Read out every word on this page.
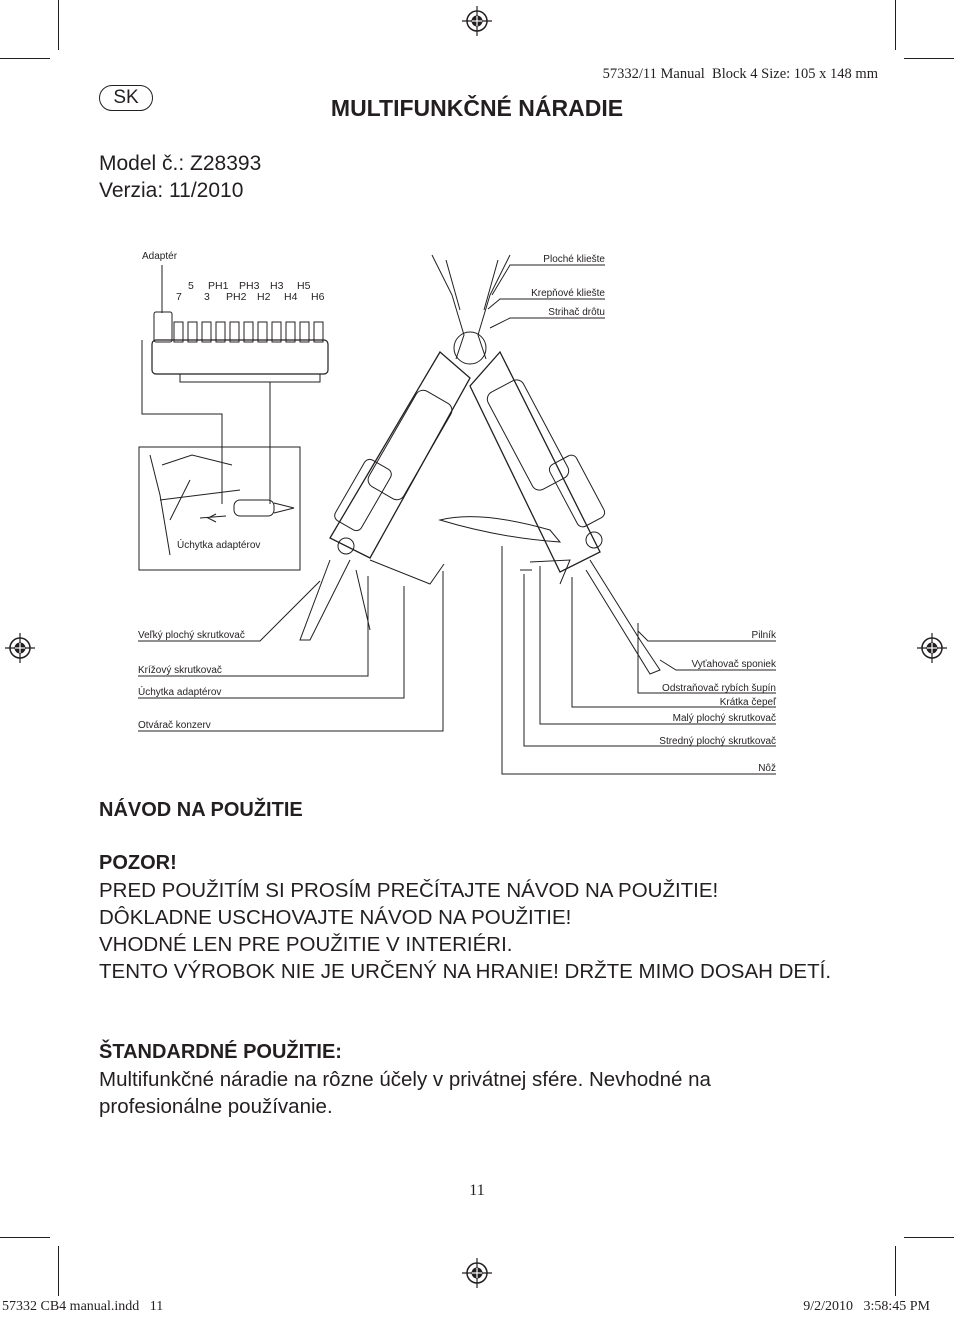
57332/11 Manual  Block 4 Size: 105 x 148 mm
SK	MULTIFUNKČNÉ NÁRADIE
Model č.: Z28393
Verzia: 11/2010
Adaptér
5 PH1 PH3 H3 H5
7 3 PH2 H2 H4 H6
Úchytka adaptérov
Veľký plochý skrutkovač
Krížový skrutkovač
Úchytka adaptérov
Otvárač konzerv
Ploché kliešte
Krepňové kliešte
Strihač drôtu
Pilník
Vyťahovač sponiek
Odstraňovač rybích šupín
Krátka čepeľ
Malý plochý skrutkovač
Stredný plochý skrutkovač
Nôž
NÁVOD NA POUŽITIE
POZOR!
PRED POUŽITÍM SI PROSÍM PREČÍTAJTE NÁVOD NA POUŽITIE!
DÔKLADNE USCHOVAJTE NÁVOD NA POUŽITIE!
VHODNÉ LEN PRE POUŽITIE V INTERIÉRI.
TENTO VÝROBOK NIE JE URČENÝ NA HRANIE! DRŽTE MIMO DOSAH DETÍ.
ŠTANDARDNÉ POUŽITIE:
Multifunkčné náradie na rôzne účely v privátnej sfére. Nevhodné na profesionálne používanie.
11
57332 CB4 manual.indd   11	9/2/2010   3:58:45 PM
